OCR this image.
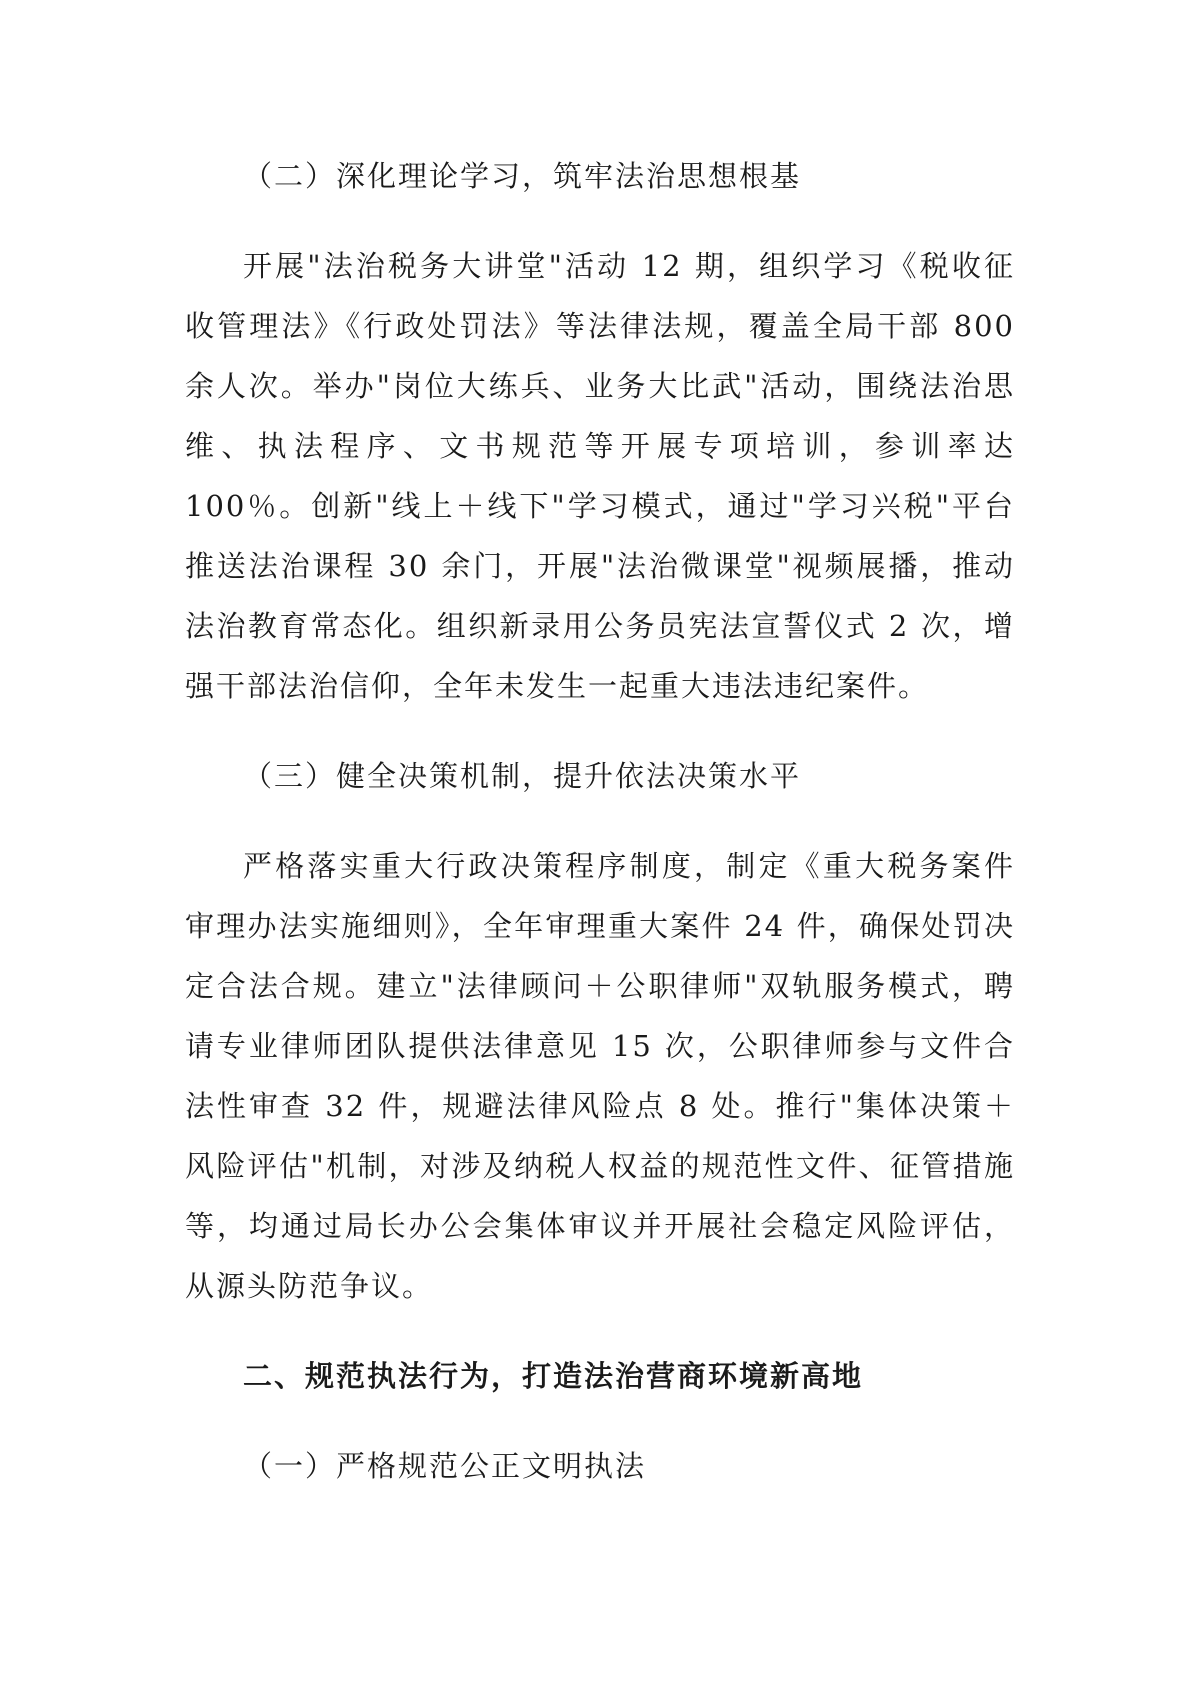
（二）深化理论学习，筑牢法治思想根基

开展"法治税务大讲堂"活动 12 期，组织学习《税收征收管理法》《行政处罚法》等法律法规，覆盖全局干部 800 余人次。举办"岗位大练兵、业务大比武"活动，围绕法治思维、执法程序、文书规范等开展专项培训，参训率达 100％。创新"线上＋线下"学习模式，通过"学习兴税"平台推送法治课程 30 余门，开展"法治微课堂"视频展播，推动法治教育常态化。组织新录用公务员宪法宣誓仪式 2 次，增强干部法治信仰，全年未发生一起重大违法违纪案件。

（三）健全决策机制，提升依法决策水平

严格落实重大行政决策程序制度，制定《重大税务案件审理办法实施细则》，全年审理重大案件 24 件，确保处罚决定合法合规。建立"法律顾问＋公职律师"双轨服务模式，聘请专业律师团队提供法律意见 15 次，公职律师参与文件合法性审查 32 件，规避法律风险点 8 处。推行"集体决策＋风险评估"机制，对涉及纳税人权益的规范性文件、征管措施等，均通过局长办公会集体审议并开展社会稳定风险评估，从源头防范争议。

二、规范执法行为，打造法治营商环境新高地
（一）严格规范公正文明执法
